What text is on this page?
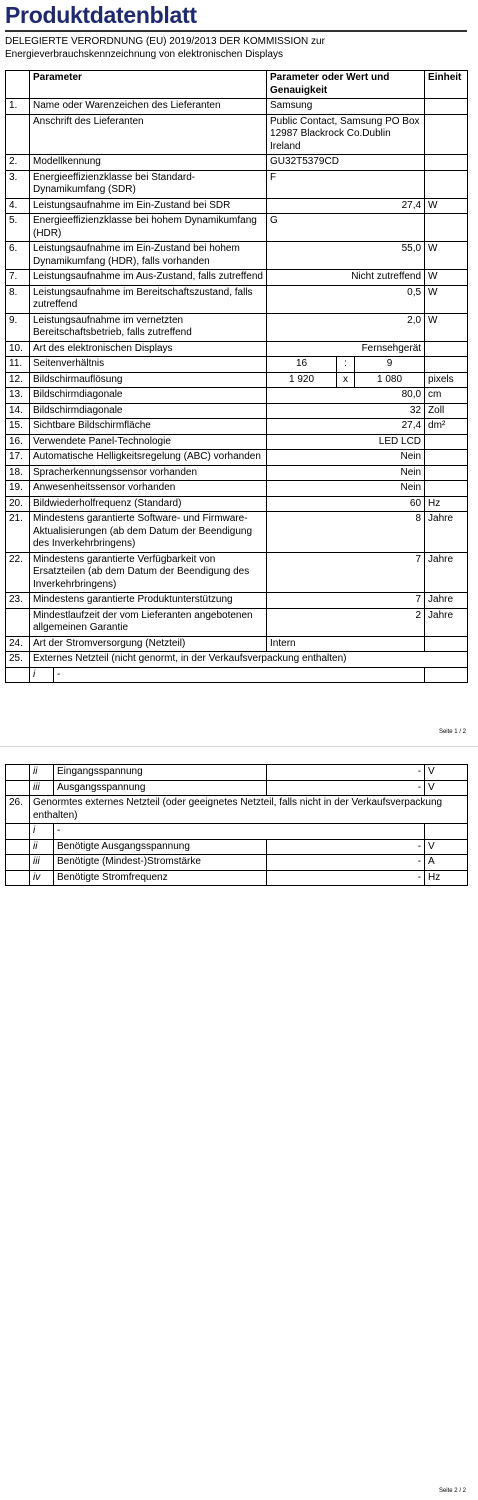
Produktdatenblatt
DELEGIERTE VERORDNUNG (EU) 2019/2013 DER KOMMISSION zur Energieverbrauchskennzeichnung von elektronischen Displays
	Parameter		Parameter oder Wert und Genauigkeit			Einheit
1.	Name oder Warenzeichen des Lieferanten		Samsung			
	Anschrift des Lieferanten		Public Contact, Samsung PO Box 12987 Blackrock Co.Dublin Ireland			
2.	Modellkennung		GU32T5379CD			
3.	Energieeffizienzklasse bei Standard-Dynamikumfang (SDR)		F			
4.	Leistungsaufnahme im Ein-Zustand bei SDR		27,4			W
5.	Energieeffizienzklasse bei hohem Dynamikumfang (HDR)		G			
6.	Leistungsaufnahme im Ein-Zustand bei hohem Dynamikumfang (HDR), falls vorhanden		55,0			W
7.	Leistungsaufnahme im Aus-Zustand, falls zutreffend		Nicht zutreffend			W
8.	Leistungsaufnahme im Bereitschaftszustand, falls zutreffend		0,5			W
9.	Leistungsaufnahme im vernetzten Bereitschaftsbetrieb, falls zutreffend		2,0			W
10.	Art des elektronischen Displays		Fernsehgerät			
11.	Seitenverhältnis		16	:	9	
12.	Bildschirmauflösung		1 920	x	1 080	pixels
13.	Bildschirmdiagonale		80,0			cm
14.	Bildschirmdiagonale		32			Zoll
15.	Sichtbare Bildschirmfläche		27,4			dm²
16.	Verwendete Panel-Technologie		LED LCD			
17.	Automatische Helligkeitsregelung (ABC) vorhanden		Nein			
18.	Spracherkennungssensor vorhanden		Nein			
19.	Anwesenheitssensor vorhanden		Nein			
20.	Bildwiederholfrequenz (Standard)		60			Hz
21.	Mindestens garantierte Software- und Firmware-Aktualisierungen (ab dem Datum der Beendigung des Inverkehrbringens)		8			Jahre
22.	Mindestens garantierte Verfügbarkeit von Ersatzteilen (ab dem Datum der Beendigung des Inverkehrbringens)		7			Jahre
23.	Mindestens garantierte Produktunterstützung		7			Jahre
	Mindestlaufzeit der vom Lieferanten angebotenen allgemeinen Garantie		2			Jahre
24.	Art der Stromversorgung (Netzteil)		Intern			
25.	Externes Netzteil (nicht genormt, in der Verkaufsverpackung enthalten)					
	i	-				
Seite 1 / 2
	ii	Eingangsspannung	-	V
	iii	Ausgangsspannung	-	V
26.	Genormtes externes Netzteil (oder geeignetes Netzteil, falls nicht in der Verkaufsverpackung enthalten)			
	i	-		
	ii	Benötigte Ausgangsspannung	-	V
	iii	Benötigte (Mindest-)Stromstärke	-	A
	iv	Benötigte Stromfrequenz	-	Hz
Seite 2 / 2
